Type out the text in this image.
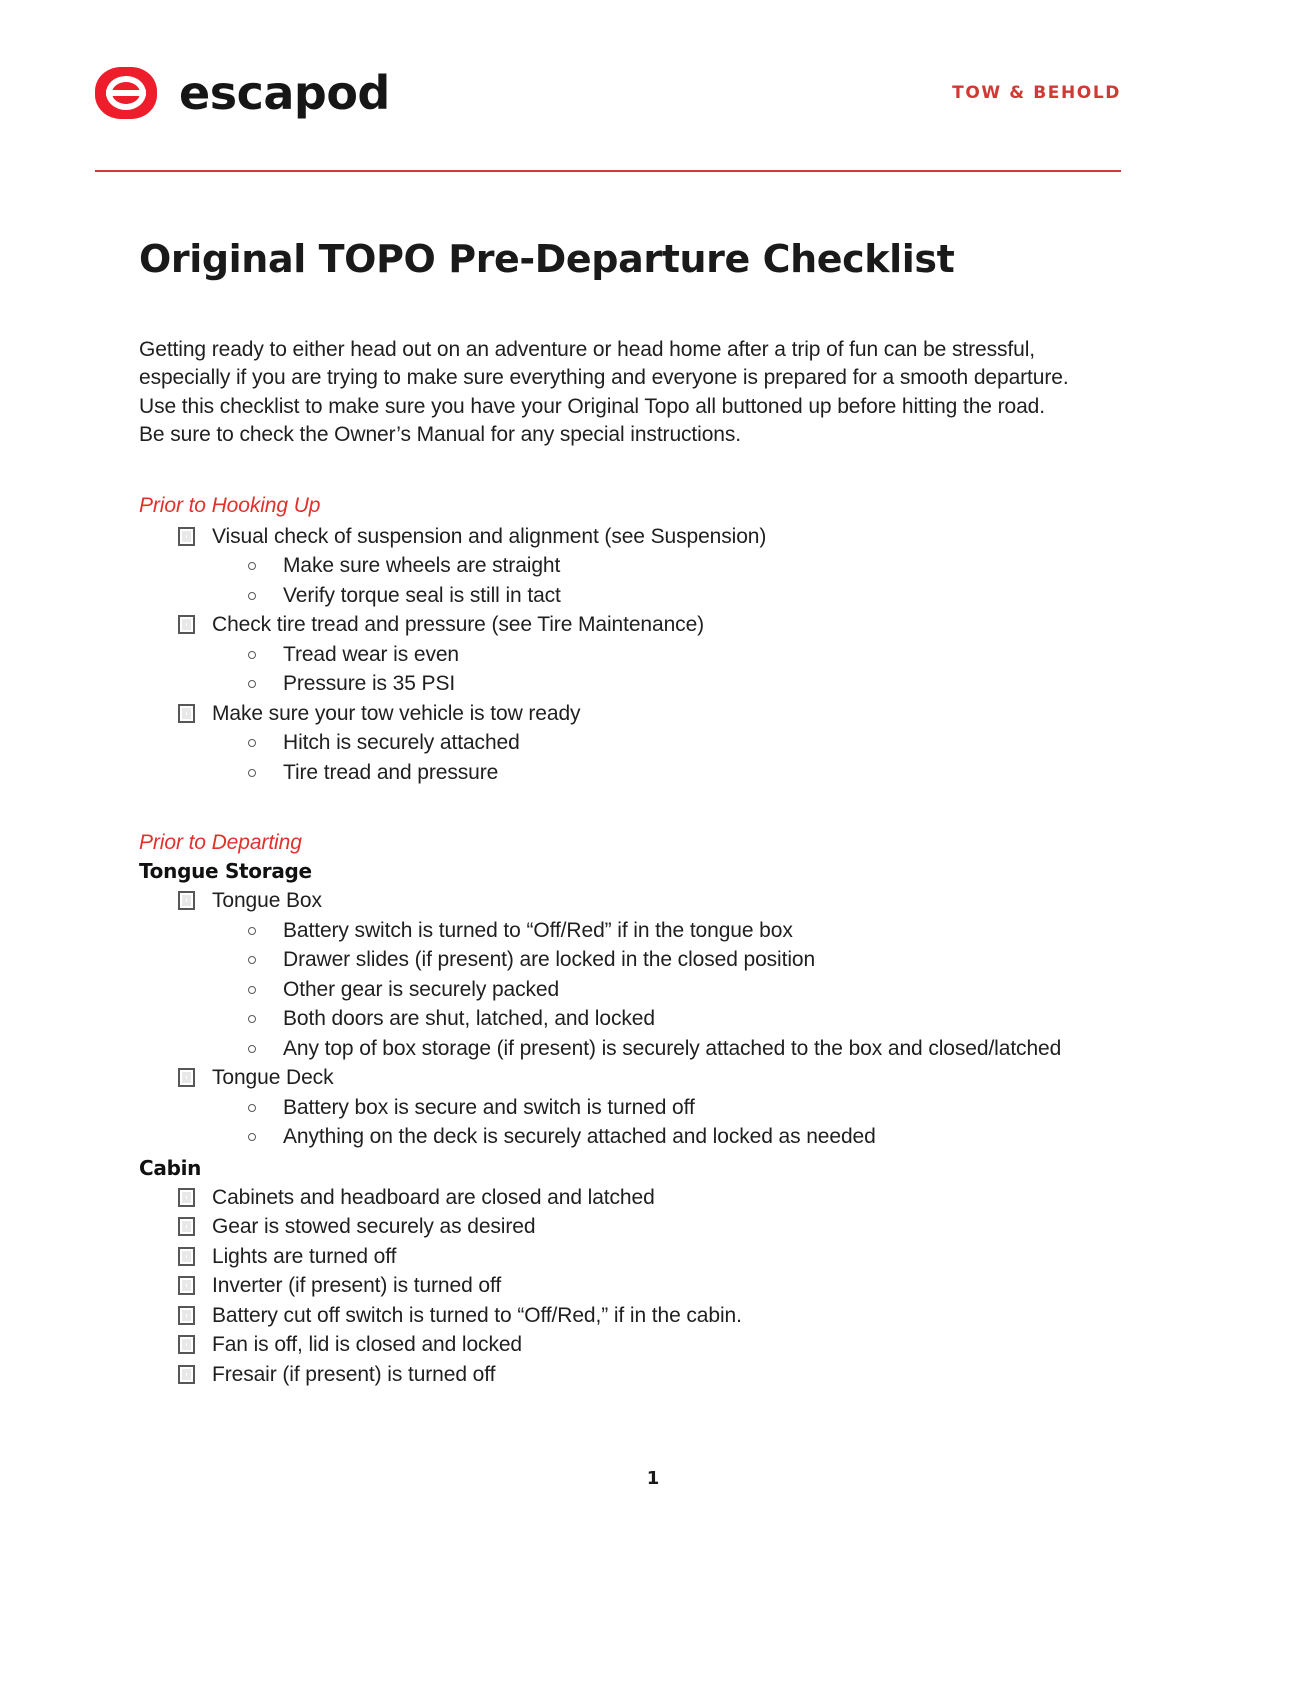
escapod	TOW & BEHOLD
Original TOPO Pre-Departure Checklist

Getting ready to either head out on an adventure or head home after a trip of fun can be stressful, especially if you are trying to make sure everything and everyone is prepared for a smooth departure. Use this checklist to make sure you have your Original Topo all buttoned up before hitting the road. Be sure to check the Owner’s Manual for any special instructions.

Prior to Hooking Up
Visual check of suspension and alignment (see Suspension)
Make sure wheels are straight
Verify torque seal is still in tact
Check tire tread and pressure (see Tire Maintenance)
Tread wear is even
Pressure is 35 PSI
Make sure your tow vehicle is tow ready
Hitch is securely attached
Tire tread and pressure
Prior to Departing
Tongue Storage
Tongue Box
Battery switch is turned to “Off/Red” if in the tongue box
Drawer slides (if present) are locked in the closed position
Other gear is securely packed
Both doors are shut, latched, and locked
Any top of box storage (if present) is securely attached to the box and closed/latched
Tongue Deck
Battery box is secure and switch is turned off
Anything on the deck is securely attached and locked as needed
Cabin
Cabinets and headboard are closed and latched
Gear is stowed securely as desired
Lights are turned off
Inverter (if present) is turned off
Battery cut off switch is turned to “Off/Red,” if in the cabin.
Fan is off, lid is closed and locked
Fresair (if present) is turned off
1
